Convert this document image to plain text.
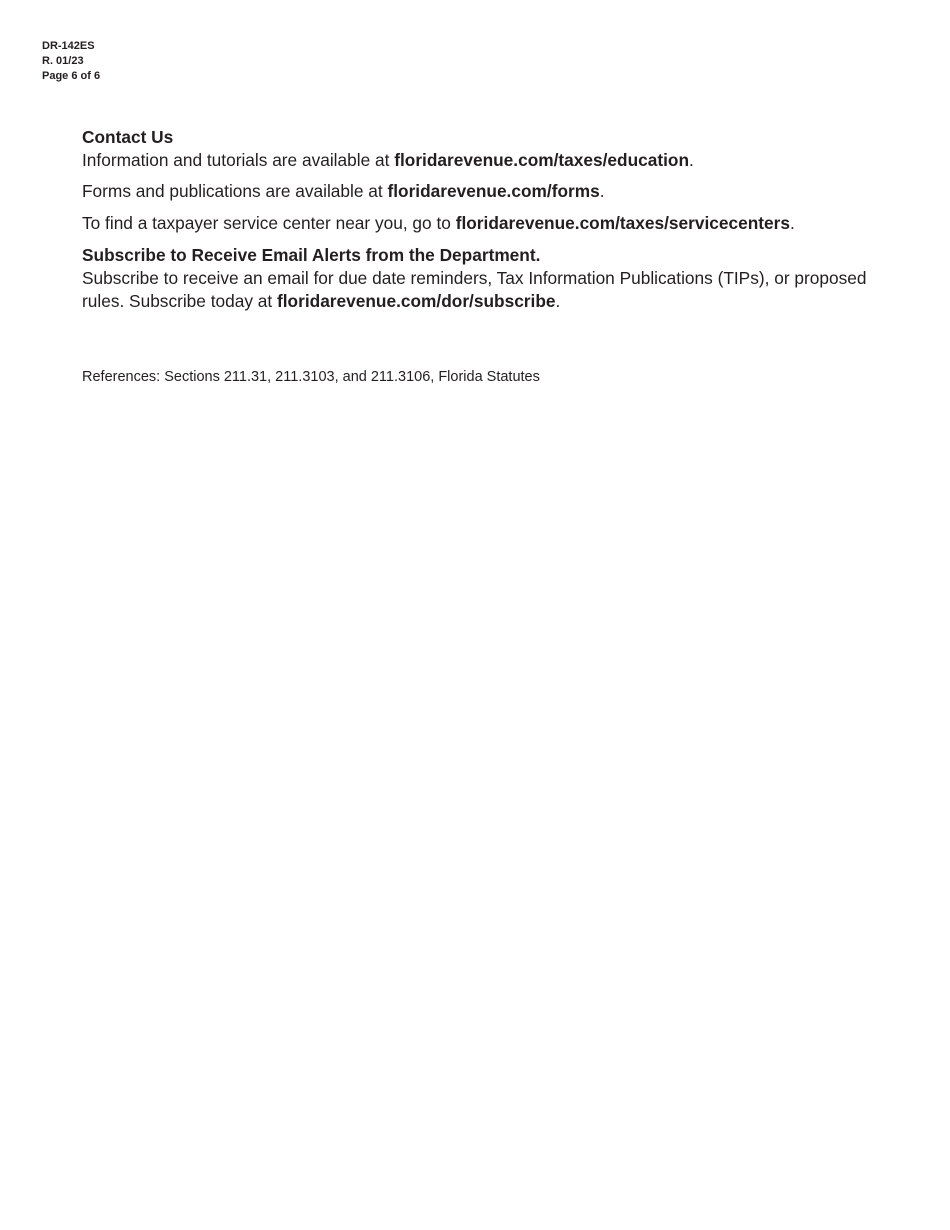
DR-142ES
R. 01/23
Page 6 of 6

Contact Us

Information and tutorials are available at floridarevenue.com/taxes/education.

Forms and publications are available at floridarevenue.com/forms.

To find a taxpayer service center near you, go to floridarevenue.com/taxes/servicecenters.

Subscribe to Receive Email Alerts from the Department.

Subscribe to receive an email for due date reminders, Tax Information Publications (TIPs), or proposed rules. Subscribe today at floridarevenue.com/dor/subscribe.

References: Sections 211.31, 211.3103, and 211.3106, Florida Statutes
